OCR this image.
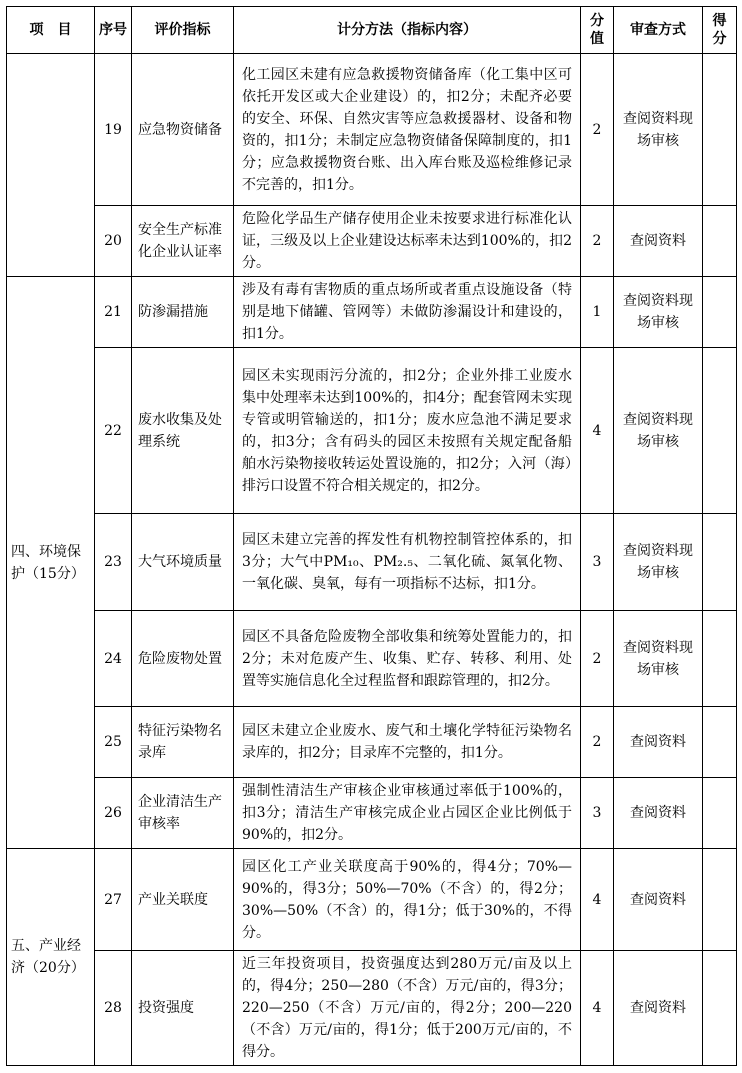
项　目	序号	评价指标	计分方法（指标内容）	分值	审查方式	得分
	19	应急物资储备	化工园区未建有应急救援物资储备库（化工集中区可依托开发区或大企业建设）的，扣2分；未配齐必要的安全、环保、自然灾害等应急救援器材、设备和物资的，扣1分；未制定应急物资储备保障制度的，扣1分；应急救援物资台账、出入库台账及巡检维修记录不完善的，扣1分。	2	查阅资料现场审核	
	20	安全生产标准化企业认证率	危险化学品生产储存使用企业未按要求进行标准化认证，三级及以上企业建设达标率未达到100%的，扣2分。	2	查阅资料	
四、环境保护（15分）	21	防渗漏措施	涉及有毒有害物质的重点场所或者重点设施设备（特别是地下储罐、管网等）未做防渗漏设计和建设的，扣1分。	1	查阅资料现场审核	
	22	废水收集及处理系统	园区未实现雨污分流的，扣2分；企业外排工业废水集中处理率未达到100%的，扣4分；配套管网未实现专管或明管输送的，扣1分；废水应急池不满足要求的，扣3分；含有码头的园区未按照有关规定配备船舶水污染物接收转运处置设施的，扣2分；入河（海）排污口设置不符合相关规定的，扣2分。	4	查阅资料现场审核	
	23	大气环境质量	园区未建立完善的挥发性有机物控制管控体系的，扣3分；大气中PM₁₀、PM₂.₅、二氧化硫、氮氧化物、一氧化碳、臭氧，每有一项指标不达标，扣1分。	3	查阅资料现场审核	
	24	危险废物处置	园区不具备危险废物全部收集和统筹处置能力的，扣2分；未对危废产生、收集、贮存、转移、利用、处置等实施信息化全过程监督和跟踪管理的，扣2分。	2	查阅资料现场审核	
	25	特征污染物名录库	园区未建立企业废水、废气和土壤化学特征污染物名录库的，扣2分；目录库不完整的，扣1分。	2	查阅资料	
	26	企业清洁生产审核率	强制性清洁生产审核企业审核通过率低于100%的，扣3分；清洁生产审核完成企业占园区企业比例低于90%的，扣2分。	3	查阅资料	
五、产业经济（20分）	27	产业关联度	园区化工产业关联度高于90%的，得4分；70%—90%的，得3分；50%—70%（不含）的，得2分；30%—50%（不含）的，得1分；低于30%的，不得分。	4	查阅资料	
	28	投资强度	近三年投资项目，投资强度达到280万元/亩及以上的，得4分；250—280（不含）万元/亩的，得3分；220—250（不含）万元/亩的，得2分；200—220（不含）万元/亩的，得1分；低于200万元/亩的，不得分。	4	查阅资料	
